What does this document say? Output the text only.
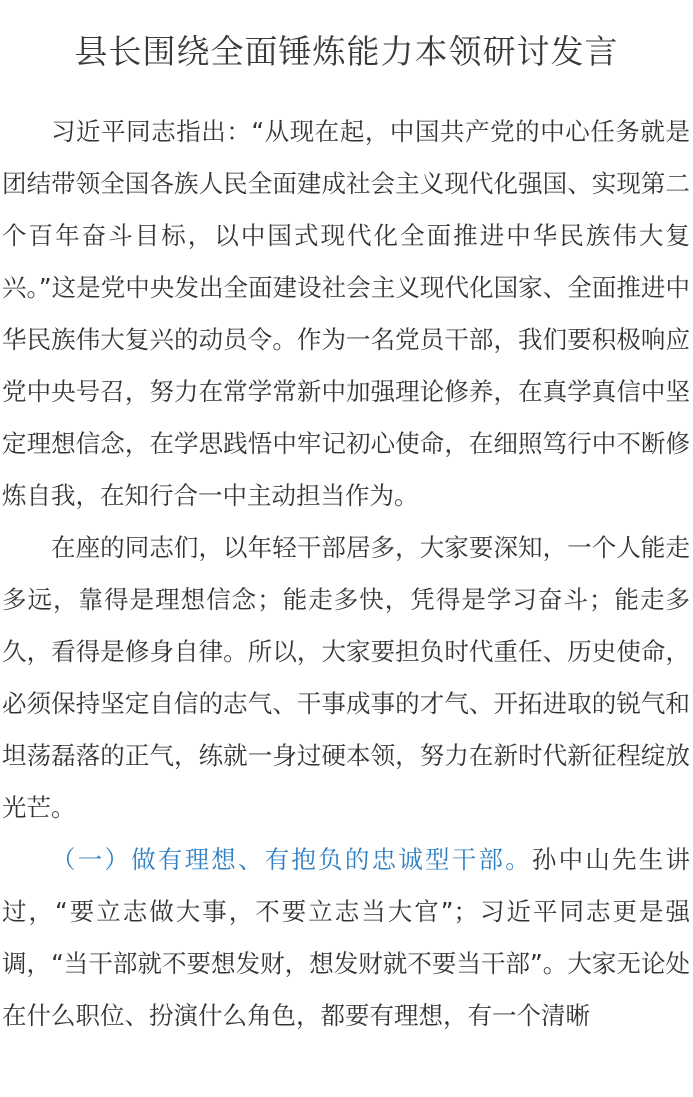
县长围绕全面锤炼能力本领研讨发言

习近平同志指出：“从现在起，中国共产党的中心任务就是团结带领全国各族人民全面建成社会主义现代化强国、实现第二个百年奋斗目标，以中国式现代化全面推进中华民族伟大复兴。”这是党中央发出全面建设社会主义现代化国家、全面推进中华民族伟大复兴的动员令。作为一名党员干部，我们要积极响应党中央号召，努力在常学常新中加强理论修养，在真学真信中坚定理想信念，在学思践悟中牢记初心使命，在细照笃行中不断修炼自我，在知行合一中主动担当作为。

在座的同志们，以年轻干部居多，大家要深知，一个人能走多远，靠得是理想信念；能走多快，凭得是学习奋斗；能走多久，看得是修身自律。所以，大家要担负时代重任、历史使命，必须保持坚定自信的志气、干事成事的才气、开拓进取的锐气和坦荡磊落的正气，练就一身过硬本领，努力在新时代新征程绽放光芒。

（一）做有理想、有抱负的忠诚型干部。孙中山先生讲过，“要立志做大事，不要立志当大官”；习近平同志更是强调，“当干部就不要想发财，想发财就不要当干部”。大家无论处在什么职位、扮演什么角色，都要有理想，有一个清晰
